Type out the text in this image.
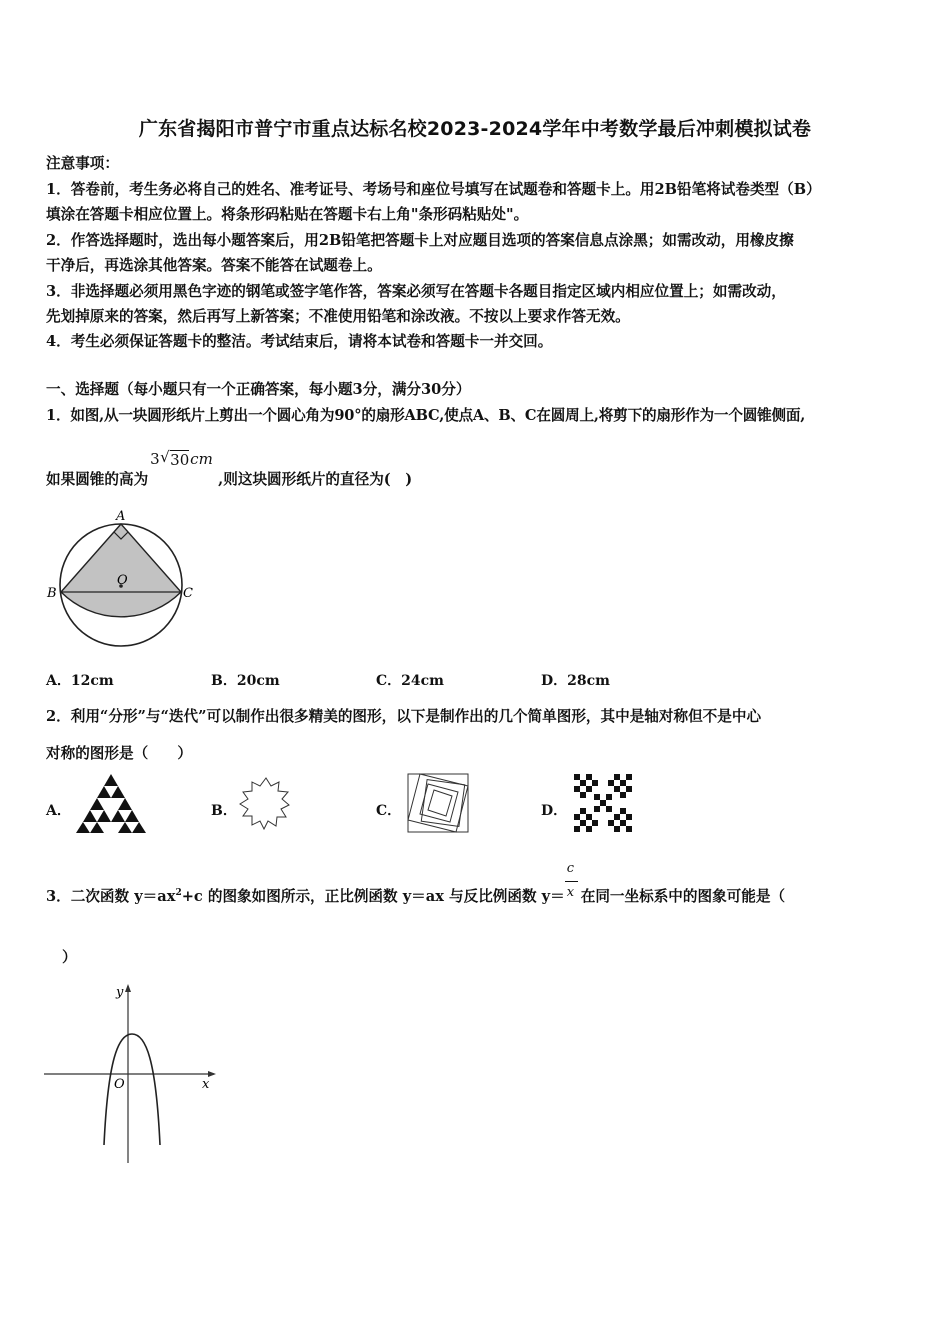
广东省揭阳市普宁市重点达标名校2023-2024学年中考数学最后冲刺模拟试卷
注意事项：
1．答卷前，考生务必将自己的姓名、准考证号、考场号和座位号填写在试题卷和答题卡上。用2B铅笔将试卷类型（B）
填涂在答题卡相应位置上。将条形码粘贴在答题卡右上角"条形码粘贴处"。
2．作答选择题时，选出每小题答案后，用2B铅笔把答题卡上对应题目选项的答案信息点涂黑；如需改动，用橡皮擦
干净后，再选涂其他答案。答案不能答在试题卷上。
3．非选择题必须用黑色字迹的钢笔或签字笔作答，答案必须写在答题卡各题目指定区域内相应位置上；如需改动，
先划掉原来的答案，然后再写上新答案；不准使用铅笔和涂改液。不按以上要求作答无效。
4．考生必须保证答题卡的整洁。考试结束后，请将本试卷和答题卡一并交回。
一、选择题（每小题只有一个正确答案，每小题3分，满分30分）
1．如图,从一块圆形纸片上剪出一个圆心角为90°的扇形ABC,使点A、B、C在圆周上,将剪下的扇形作为一个圆锥侧面,
如果圆锥的高为
3 √ 30 cm
,则这块圆形纸片的直径为(　)
A
B	C
O
A．12cm	B．20cm	C．24cm	D．28cm
2．利用“分形”与“迭代”可以制作出很多精美的图形，以下是制作出的几个简单图形，其中是轴对称但不是中心
对称的图形是（　　）
A．	B．	C．	D．
3．二次函数 $y=ax^2+c$ 的图象如图所示，正比例函数 y＝ax 与反比例函数 $y= \frac{c}{x}$ 在同一坐标系中的图象可能是（
）
y
x
O
